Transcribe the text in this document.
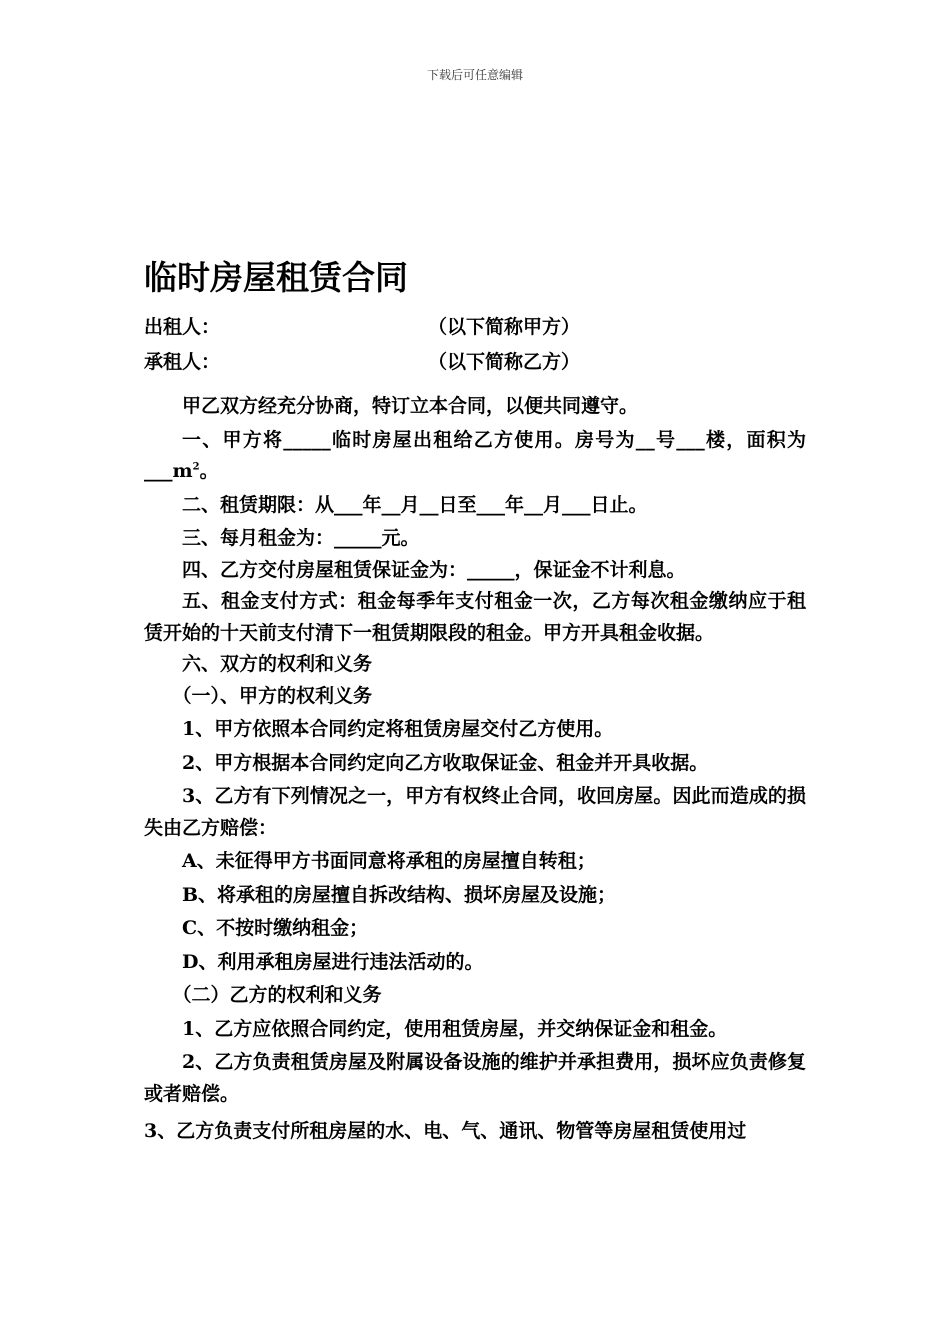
下载后可任意编辑
临时房屋租赁合同
出租人：	（以下简称甲方）
承租人：	（以下简称乙方）

甲乙双方经充分协商，特订立本合同，以便共同遵守。

一、甲方将_____临时房屋出租给乙方使用。房号为__号___楼，面积为$\_\_\_m^2$。

二、租赁期限：从___年__月__日至___年__月___日止。

三、每月租金为：_____元。

四、乙方交付房屋租赁保证金为：_____，保证金不计利息。

五、租金支付方式：租金每季年支付租金一次，乙方每次租金缴纳应于租赁开始的十天前支付清下一租赁期限段的租金。甲方开具租金收据。

六、双方的权利和义务

（一）、甲方的权利义务

1、甲方依照本合同约定将租赁房屋交付乙方使用。

2、甲方根据本合同约定向乙方收取保证金、租金并开具收据。

3、乙方有下列情况之一，甲方有权终止合同，收回房屋。因此而造成的损失由乙方赔偿：

A、未征得甲方书面同意将承租的房屋擅自转租；

B、将承租的房屋擅自拆改结构、损坏房屋及设施；

C、不按时缴纳租金；

D、利用承租房屋进行违法活动的。

（二）乙方的权利和义务

1、乙方应依照合同约定，使用租赁房屋，并交纳保证金和租金。

2、乙方负责租赁房屋及附属设备设施的维护并承担费用，损坏应负责修复或者赔偿。

3、乙方负责支付所租房屋的水、电、气、通讯、物管等房屋租赁使用过
